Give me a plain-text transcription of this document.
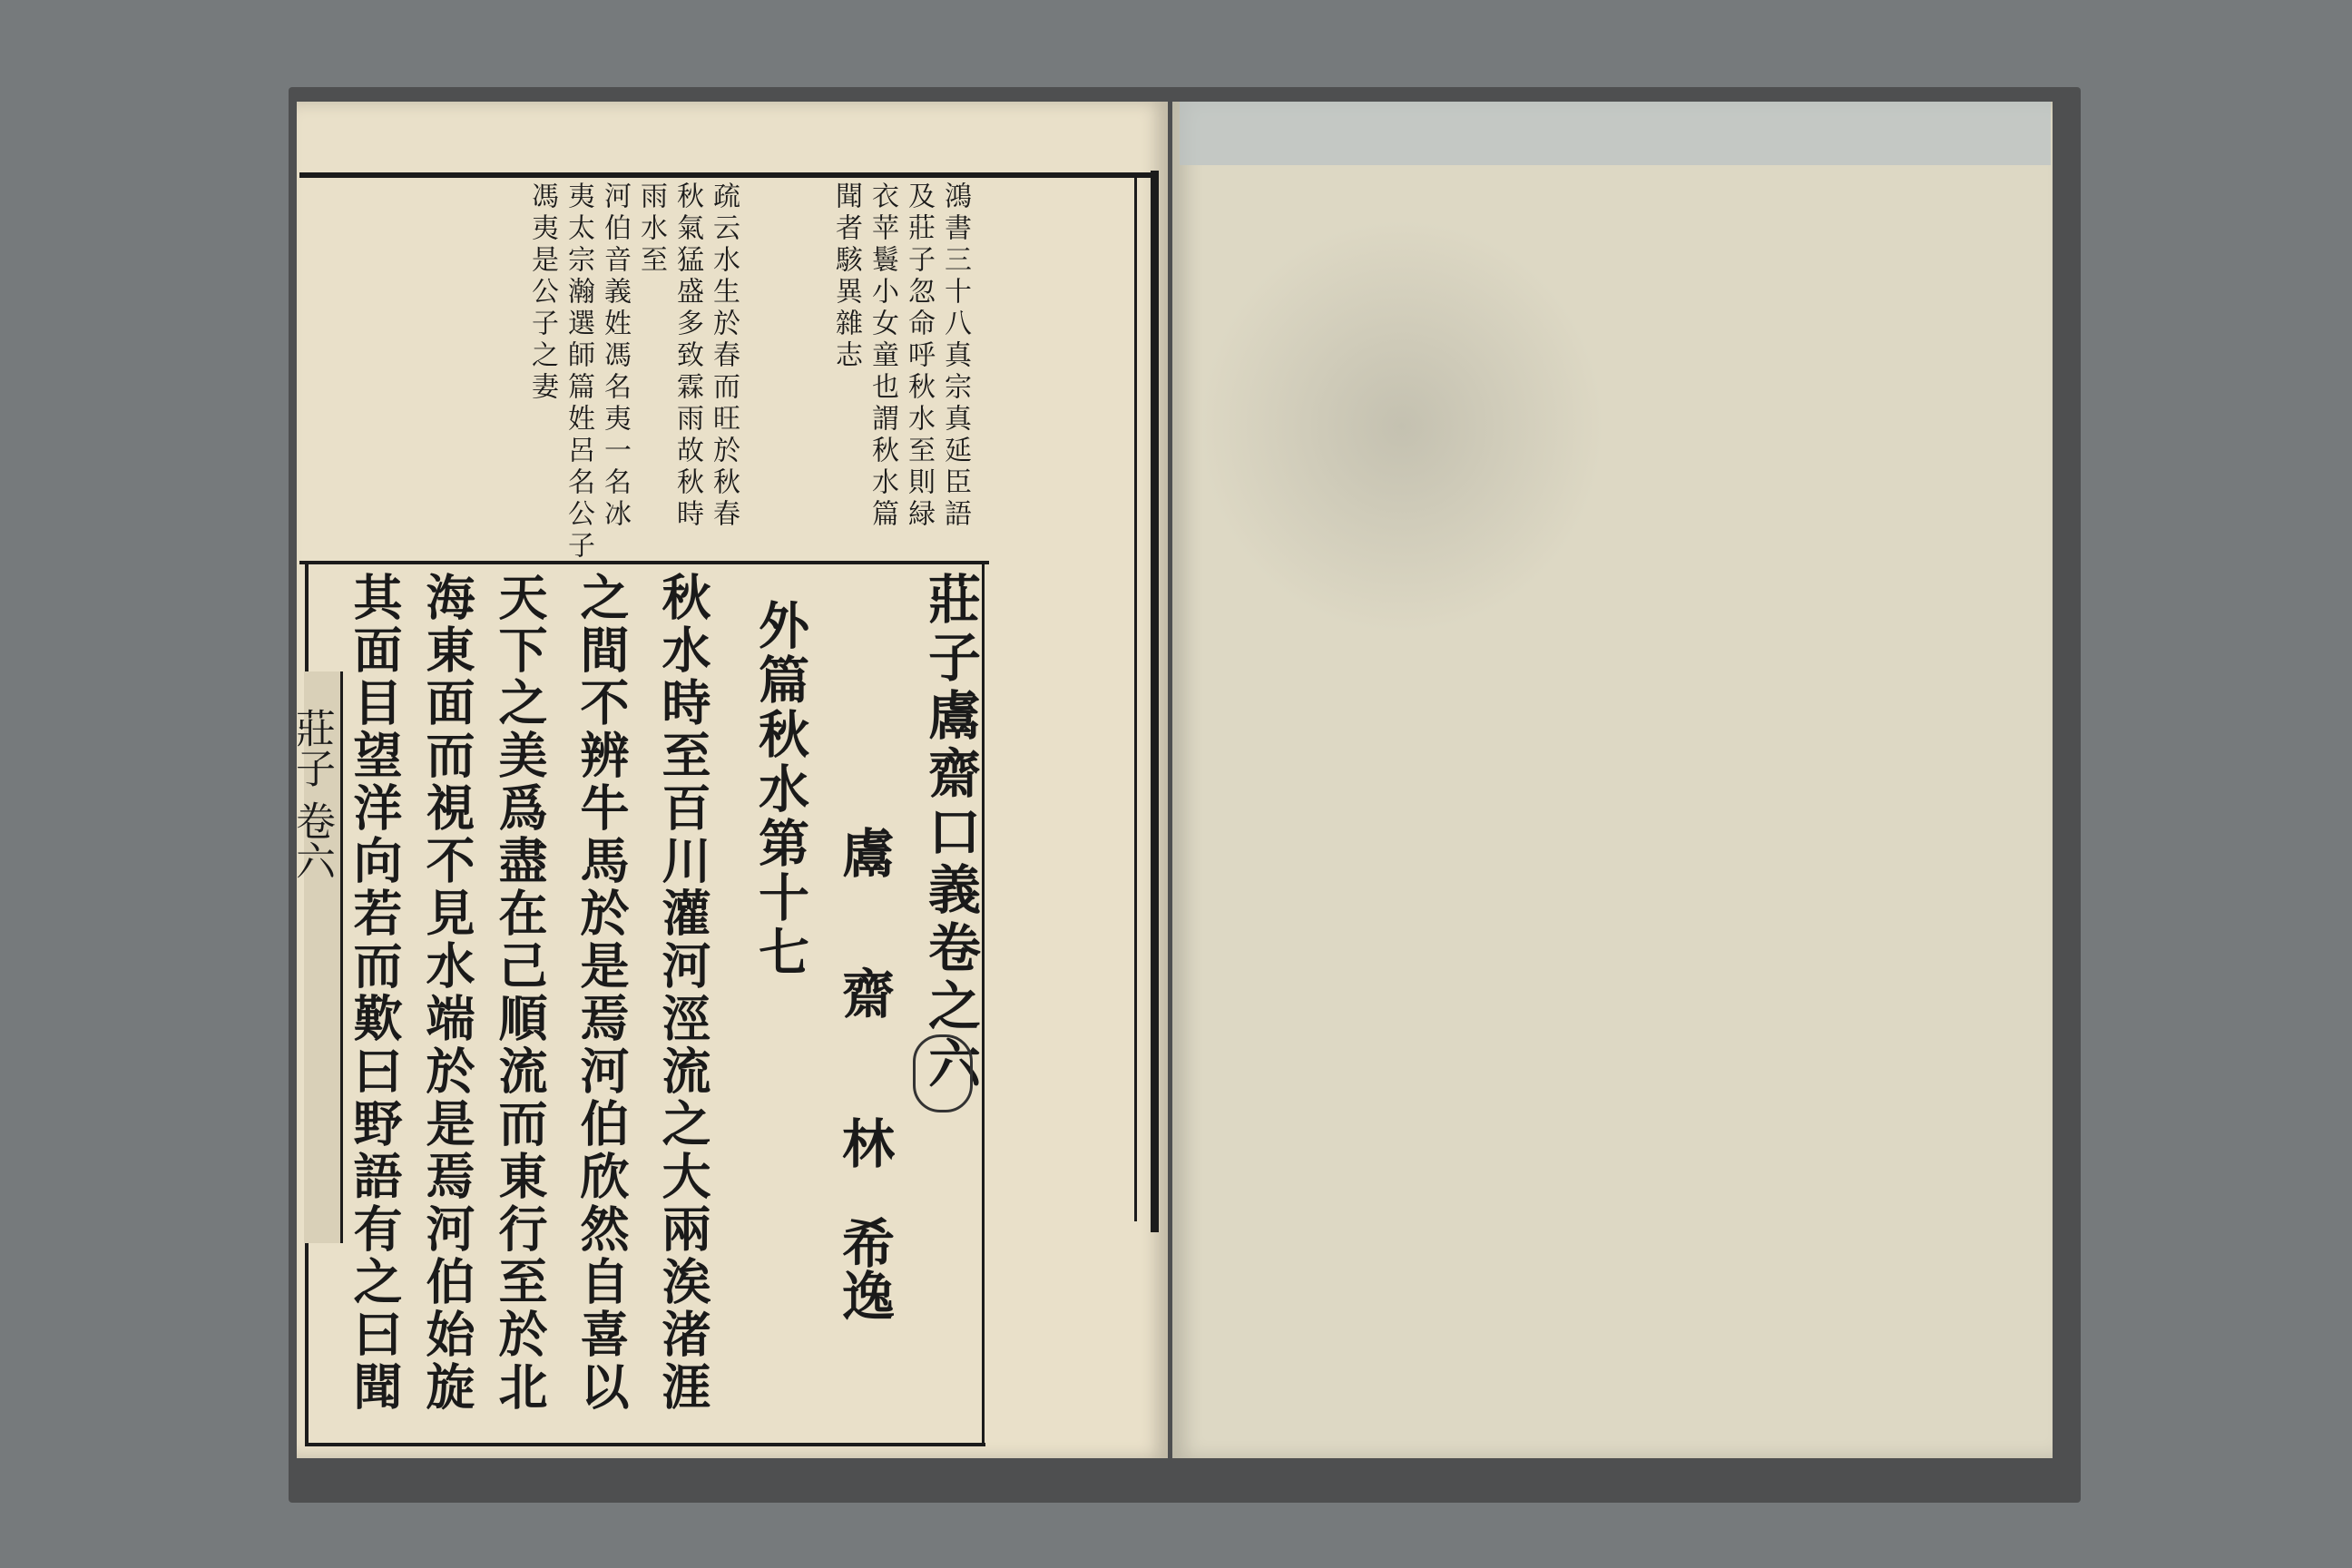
鴻書三十八真宗真延臣語
及莊子忽命呼秋水至則緑
衣苹鬟小女童也謂秋水篇
聞者駭異雜志
疏云水生於春而旺於秋春
秋氣猛盛多致霖雨故秋時
雨水至
河伯音義姓馮名夷一名冰
夷太宗瀚選師篇姓呂名公子
馮夷是公子之妻
莊子鬳齋口義卷之六
鬳
齋
林
希逸
外篇秋水第十七
秋水時至百川灌河涇流之大兩涘渚涯
之間不辨牛馬於是焉河伯欣然自喜以
天下之美爲盡在己順流而東行至於北
海東面而視不見水端於是焉河伯始旋
其面目望洋向若而歎曰野語有之曰聞
莊子 卷六
